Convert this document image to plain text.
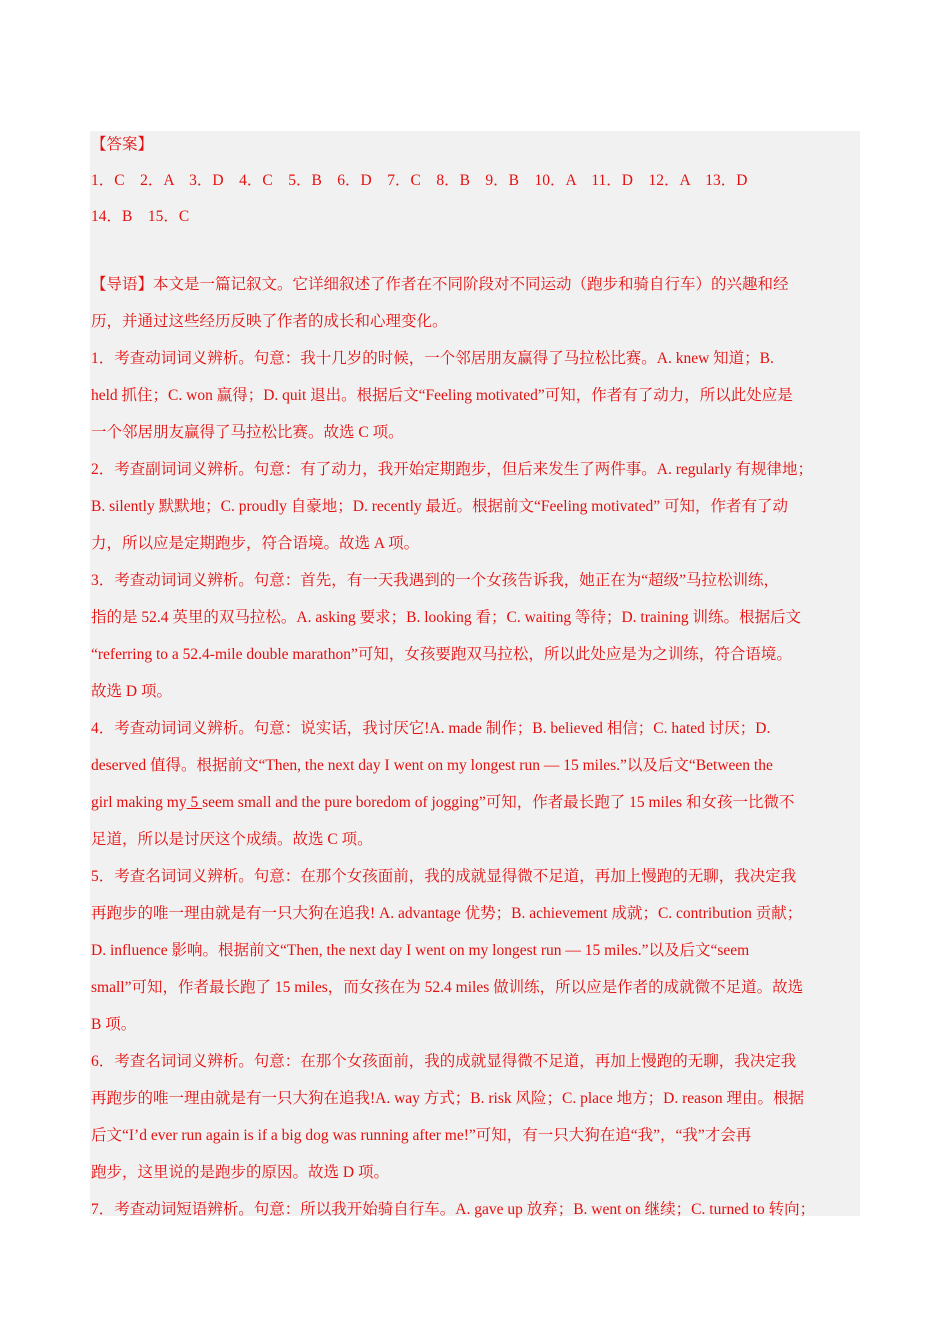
【答案】
1．C　2．A　3．D　4．C　5．B　6．D　7．C　8．B　9．B　10．A　11．D　12．A　13．D
14．B　15．C
【导语】本文是一篇记叙文。它详细叙述了作者在不同阶段对不同运动（跑步和骑自行车）的兴趣和经
历，并通过这些经历反映了作者的成长和心理变化。
1．考查动词词义辨析。句意：我十几岁的时候，一个邻居朋友赢得了马拉松比赛。A. knew 知道；B.
held 抓住；C. won 赢得；D. quit 退出。根据后文“Feeling motivated”可知，作者有了动力，所以此处应是
一个邻居朋友赢得了马拉松比赛。故选 C 项。
2．考查副词词义辨析。句意：有了动力，我开始定期跑步，但后来发生了两件事。A. regularly 有规律地；
B. silently 默默地；C. proudly 自豪地；D. recently 最近。根据前文“Feeling motivated” 可知，作者有了动
力，所以应是定期跑步，符合语境。故选 A 项。
3．考查动词词义辨析。句意：首先，有一天我遇到的一个女孩告诉我，她正在为“超级”马拉松训练，
指的是 52.4 英里的双马拉松。A. asking 要求；B. looking 看；C. waiting 等待；D. training 训练。根据后文
“referring to a 52.4-mile double marathon”可知，女孩要跑双马拉松，所以此处应是为之训练，符合语境。
故选 D 项。
4．考查动词词义辨析。句意：说实话，我讨厌它!A. made 制作；B. believed 相信；C. hated 讨厌；D.
deserved 值得。根据前文“Then, the next day I went on my longest run — 15 miles.”以及后文“Between the
girl making my 5 seem small and the pure boredom of jogging”可知，作者最长跑了 15 miles 和女孩一比微不
足道，所以是讨厌这个成绩。故选 C 项。
5．考查名词词义辨析。句意：在那个女孩面前，我的成就显得微不足道，再加上慢跑的无聊，我决定我
再跑步的唯一理由就是有一只大狗在追我! A. advantage 优势；B. achievement 成就；C. contribution 贡献；
D. influence 影响。根据前文“Then, the next day I went on my longest run — 15 miles.”以及后文“seem
small”可知，作者最长跑了 15 miles，而女孩在为 52.4 miles 做训练，所以应是作者的成就微不足道。故选
B 项。
6．考查名词词义辨析。句意：在那个女孩面前，我的成就显得微不足道，再加上慢跑的无聊，我决定我
再跑步的唯一理由就是有一只大狗在追我!A. way 方式；B. risk 风险；C. place 地方；D. reason 理由。根据
后文“I’d ever run again is if a big dog was running after me!”可知，有一只大狗在追“我”，“我”才会再
跑步，这里说的是跑步的原因。故选 D 项。
7．考查动词短语辨析。句意：所以我开始骑自行车。A. gave up 放弃；B. went on 继续；C. turned to 转向；
